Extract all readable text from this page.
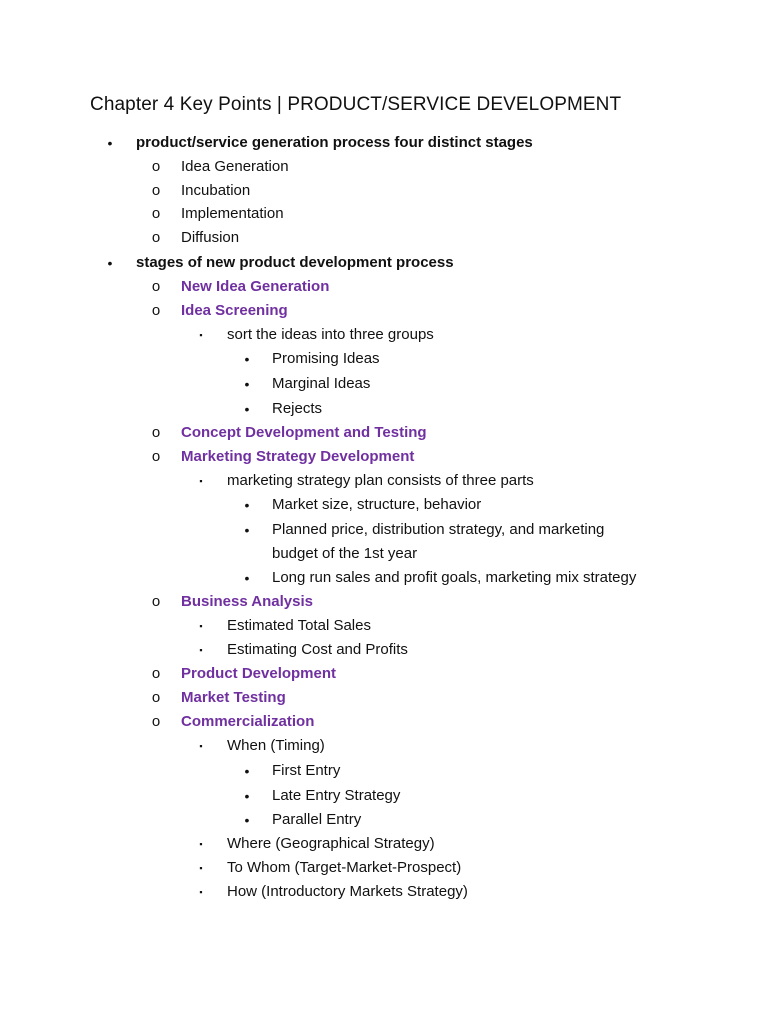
Chapter 4 Key Points | PRODUCT/SERVICE DEVELOPMENT
•	product/service generation process four distinct stages
o Idea Generation
o Incubation
o Implementation
o Diffusion
•	stages of new product development process
o New Idea Generation
o Idea Screening
▪	sort the ideas into three groups
•	Promising Ideas
•	Marginal Ideas
•	Rejects
o Concept Development and Testing
o Marketing Strategy Development
▪	marketing strategy plan consists of three parts
•	Market size, structure, behavior
•	Planned price, distribution strategy, and marketing
budget of the 1st year
•	Long run sales and profit goals, marketing mix strategy
o Business Analysis
▪	Estimated Total Sales
▪	Estimating Cost and Profits
o Product Development
o Market Testing
o Commercialization
▪	When (Timing)
•	First Entry
•	Late Entry Strategy
•	Parallel Entry
▪	Where (Geographical Strategy)
▪	To Whom (Target-Market-Prospect)
▪	How (Introductory Markets Strategy)
